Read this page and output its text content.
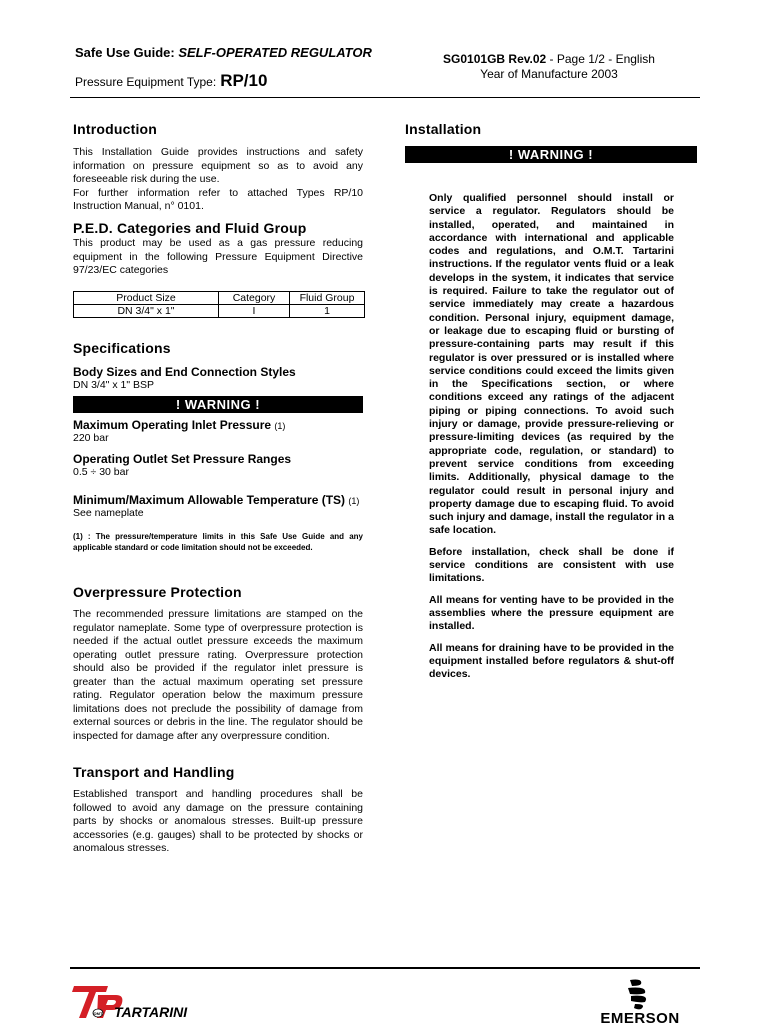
Safe Use Guide: SELF-OPERATED REGULATOR
Pressure Equipment Type: RP/10
SG0101GB Rev.02 - Page 1/2 - English
Year of Manufacture 2003
Introduction

This Installation Guide provides instructions and safety information on pressure equipment so as to avoid any foreseeable risk during the use.

For further information refer to attached Types RP/10 Instruction Manual, n° 0101.

P.E.D. Categories and Fluid Group

This product may be used as a gas pressure reducing equipment in the following Pressure Equipment Directive 97/23/EC categories

Product Size	Category	Fluid Group
DN 3/4" x 1"	I	1
Specifications
Body Sizes and End Connection Styles
DN 3/4" x 1" BSP
! WARNING !
Maximum Operating Inlet Pressure (1)
220 bar
Operating Outlet Set Pressure Ranges
0.5 ÷ 30 bar
Minimum/Maximum Allowable Temperature (TS) (1)
See nameplate

(1) : The pressure/temperature limits in this Safe Use Guide and any applicable standard or code limitation should not be exceeded.

Overpressure Protection

The recommended pressure limitations are stamped on the regulator nameplate. Some type of overpressure protection is needed if the actual outlet pressure exceeds the maximum operating outlet pressure rating. Overpressure protection should also be provided if the regulator inlet pressure is greater than the actual maximum operating set pressure rating. Regulator operation below the maximum pressure limitations does not preclude the possibility of damage from external sources or debris in the line. The regulator should be inspected for damage after any overpressure condition.

Transport and Handling

Established transport and handling procedures shall be followed to avoid any damage on the pressure containing parts by shocks or anomalous stresses. Built-up pressure accessories (e.g. gauges) shall to be protected by shocks or anomalous stresses.

Installation
! WARNING !

Only qualified personnel should install or service a regulator. Regulators should be installed, operated, and maintained in accordance with international and applicable codes and regulations, and O.M.T. Tartarini instructions. If the regulator vents fluid or a leak develops in the system, it indicates that service is required. Failure to take the regulator out of service immediately may create a hazardous condition. Personal injury, equipment damage, or leakage due to escaping fluid or bursting of pressure-containing parts may result if this regulator is over pressured or is installed where service conditions could exceed the limits given in the Specifications section, or where conditions exceed any ratings of the adjacent piping or piping connections. To avoid such injury or damage, provide pressure-relieving or pressure-limiting devices (as required by the appropriate code, regulation, or standard) to prevent service conditions from exceeding limits. Additionally, physical damage to the regulator could result in personal injury and property damage due to escaping fluid. To avoid such injury and damage, install the regulator in a safe location.

Before installation, check shall be done if service conditions are consistent with use limitations.

All means for venting have to be provided in the assemblies where the pressure equipment are installed.

All means for draining have to be provided in the equipment installed before regulators & shut-off devices.

OMT TARTARINI	EMERSON
